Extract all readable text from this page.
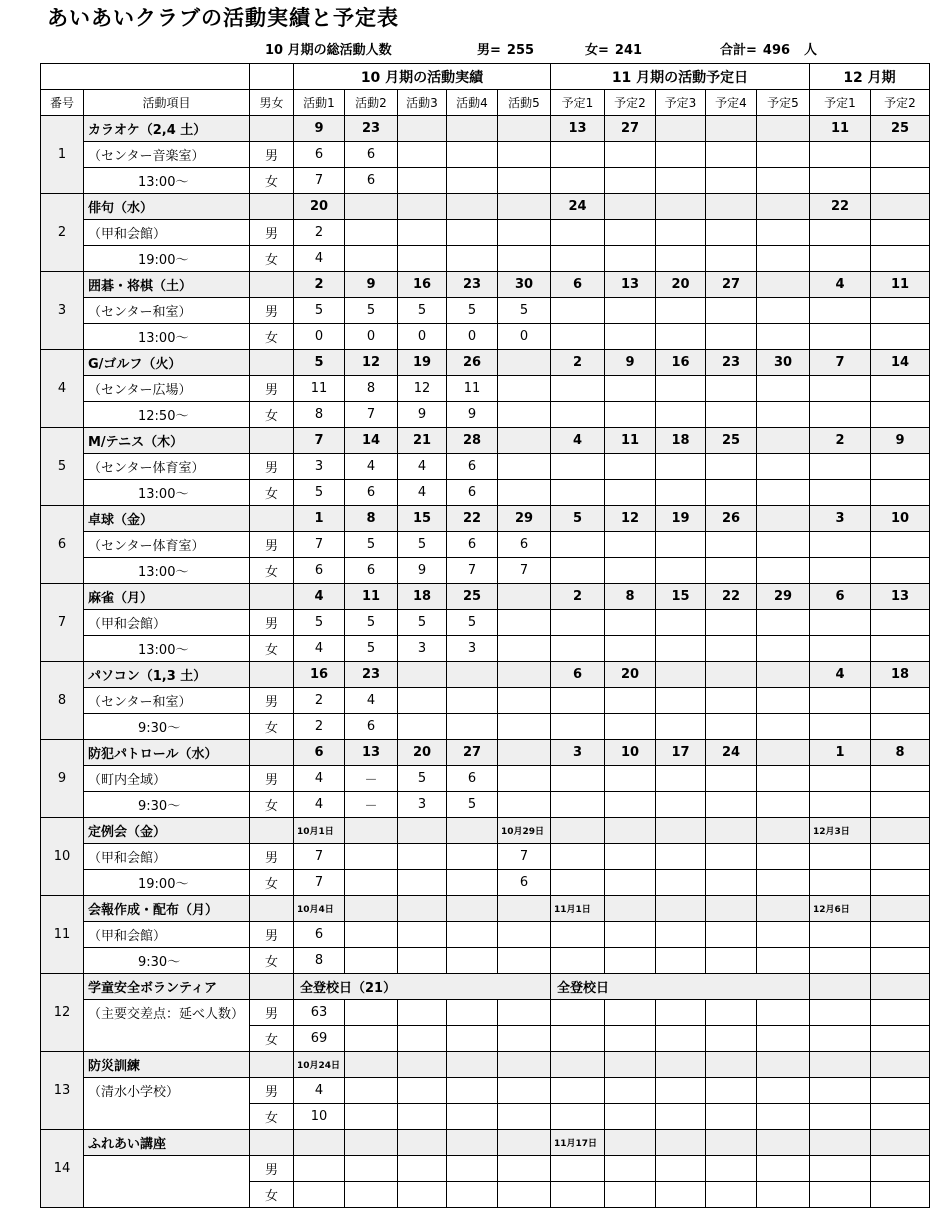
あいあいクラブの活動実績と予定表
10 月期の総活動人数	男= 255	女= 241	合計= 496 人
			10 月期の活動実績					11 月期の活動予定日					12 月期	
番号	活動項目	男女	活動1	活動2	活動3	活動4	活動5	予定1	予定2	予定3	予定4	予定5	予定1	予定2
1	カラオケ（2,4 土）		9	23				13	27				11	25
	（センター音楽室）	男	6	6										
	13:00～	女	7	6										
2	俳句（水）		20					24					22	
	（甲和会館）	男	2											
	19:00～	女	4											
3	囲碁・将棋（土）		2	9	16	23	30	6	13	20	27		4	11
	（センター和室）	男	5	5	5	5	5							
	13:00～	女	0	0	0	0	0							
4	G/ゴルフ（火）		5	12	19	26		2	9	16	23	30	7	14
	（センター広場）	男	11	8	12	11								
	12:50～	女	8	7	9	9								
5	M/テニス（木）		7	14	21	28		4	11	18	25		2	9
	（センター体育室）	男	3	4	4	6								
	13:00～	女	5	6	4	6								
6	卓球（金）		1	8	15	22	29	5	12	19	26		3	10
	（センター体育室）	男	7	5	5	6	6							
	13:00～	女	6	6	9	7	7							
7	麻雀（月）		4	11	18	25		2	8	15	22	29	6	13
	（甲和会館）	男	5	5	5	5								
	13:00～	女	4	5	3	3								
8	パソコン（1,3 土）		16	23				6	20				4	18
	（センター和室）	男	2	4										
	9:30～	女	2	6										
9	防犯パトロール（水）		6	13	20	27		3	10	17	24		1	8
	（町内全域）	男	4	－	5	6								
	9:30～	女	4	－	3	5								
10	定例会（金）		10月1日				10月29日						12月3日	
	（甲和会館）	男	7				7							
	19:00～	女	7				6							
11	会報作成・配布（月）		10月4日					11月1日					12月6日	
	（甲和会館）	男	6											
	9:30～	女	8											
12	学童安全ボランティア		全登校日（21）					全登校日						
	（主要交差点：延べ人数）	男	63											
		女	69											
13	防災訓練		10月24日											
	（清水小学校）	男	4											
		女	10											
14	ふれあい講座							11月17日						
		男												
		女												
